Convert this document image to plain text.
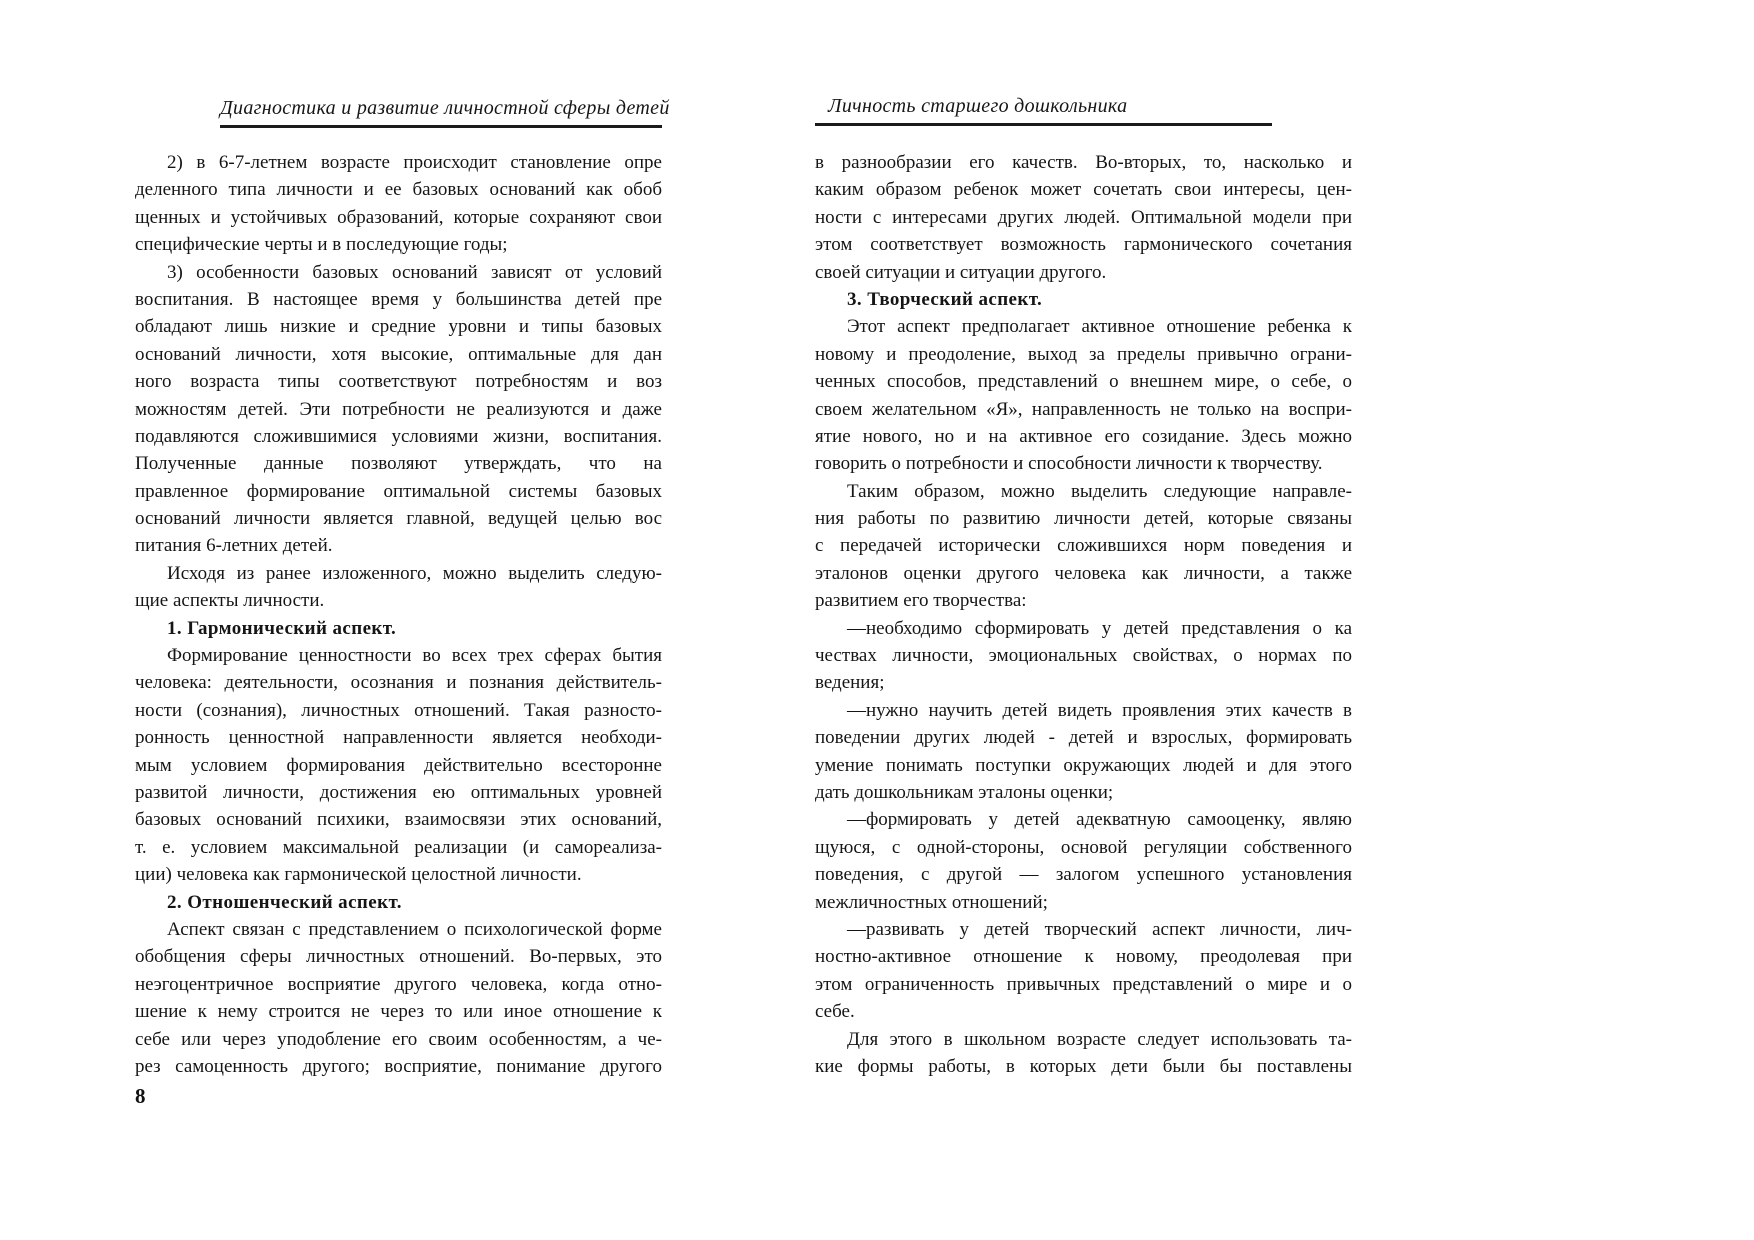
Диагностика и развитие личностной сферы детей
2) в 6-7-летнем возрасте происходит становление опре
деленного типа личности и ее базовых оснований как обоб
щенных и устойчивых образований, которые сохраняют свои
специфические черты и в последующие годы;
3) особенности базовых оснований зависят от условий
воспитания. В настоящее время у большинства детей пре
обладают лишь низкие и средние уровни и типы базовых
оснований личности, хотя высокие, оптимальные для дан
ного возраста типы соответствуют потребностям и воз
можностям детей. Эти потребности не реализуются и даже
подавляются сложившимися условиями жизни, воспитания.
Полученные данные позволяют утверждать, что на
правленное формирование оптимальной системы базовых
оснований личности является главной, ведущей целью вос
питания 6-летних детей.
Исходя из ранее изложенного, можно выделить следую-
щие аспекты личности.
1. Гармонический аспект.
Формирование ценностности во всех трех сферах бытия
человека: деятельности, осознания и познания действитель-
ности (сознания), личностных отношений. Такая разносто-
ронность ценностной направленности является необходи-
мым условием формирования действительно всесторонне
развитой личности, достижения ею оптимальных уровней
базовых оснований психики, взаимосвязи этих оснований,
т. е. условием максимальной реализации (и самореализа-
ции) человека как гармонической целостной личности.
2. Отношенческий аспект.
Аспект связан с представлением о психологической форме
обобщения сферы личностных отношений. Во-первых, это
неэгоцентричное восприятие другого человека, когда отно-
шение к нему строится не через то или иное отношение к
себе или через уподобление его своим особенностям, а че-
рез самоценность другого; восприятие, понимание другого
8
Личность старшего дошкольника
в разнообразии его качеств. Во-вторых, то, насколько и
каким образом ребенок может сочетать свои интересы, цен-
ности с интересами других людей. Оптимальной модели при
этом соответствует возможность гармонического сочетания
своей ситуации и ситуации другого.
3. Творческий аспект.
Этот аспект предполагает активное отношение ребенка к
новому и преодоление, выход за пределы привычно ограни-
ченных способов, представлений о внешнем мире, о себе, о
своем желательном «Я», направленность не только на воспри-
ятие нового, но и на активное его созидание. Здесь можно
говорить о потребности и способности личности к творчеству.
Таким образом, можно выделить следующие направле-
ния работы по развитию личности детей, которые связаны
с передачей исторически сложившихся норм поведения и
эталонов оценки другого человека как личности, а также
развитием его творчества:
—необходимо сформировать у детей представления о ка
чествах личности, эмоциональных свойствах, о нормах по
ведения;
—нужно научить детей видеть проявления этих качеств в
поведении других людей - детей и взрослых, формировать
умение понимать поступки окружающих людей и для этого
дать дошкольникам эталоны оценки;
—формировать у детей адекватную самооценку, являю
щуюся, с одной-стороны, основой регуляции собственного
поведения, с другой — залогом успешного установления
межличностных отношений;
—развивать у детей творческий аспект личности, лич-
ностно-активное отношение к новому, преодолевая при
этом ограниченность привычных представлений о мире и о
себе.
Для этого в школьном возрасте следует использовать та-
кие формы работы, в которых дети были бы поставлены
